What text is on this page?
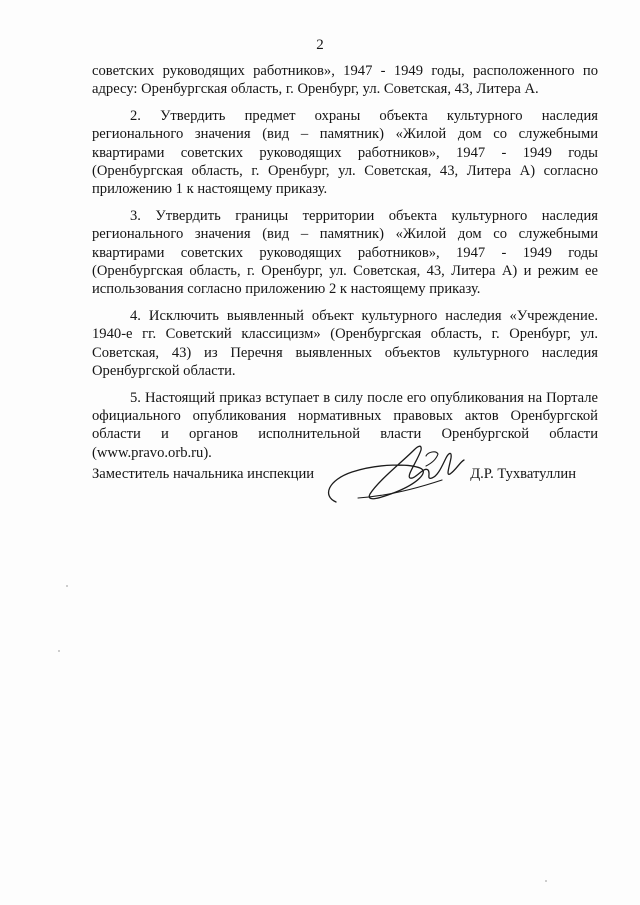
2

советских руководящих работников», 1947 - 1949 годы, расположенного по адресу: Оренбургская область, г. Оренбург, ул. Советская, 43, Литера А.

2. Утвердить предмет охраны объекта культурного наследия регионального значения (вид – памятник) «Жилой дом со служебными квартирами советских руководящих работников», 1947 - 1949 годы (Оренбургская область, г. Оренбург, ул. Советская, 43, Литера А) согласно приложению 1 к настоящему приказу.

3. Утвердить границы территории объекта культурного наследия регионального значения (вид – памятник) «Жилой дом со служебными квартирами советских руководящих работников», 1947 - 1949 годы (Оренбургская область, г. Оренбург, ул. Советская, 43, Литера А) и режим ее использования согласно приложению 2 к настоящему приказу.

4. Исключить выявленный объект культурного наследия «Учреждение. 1940-е гг. Советский классицизм» (Оренбургская область, г. Оренбург, ул. Советская, 43) из Перечня выявленных объектов культурного наследия Оренбургской области.

5. Настоящий приказ вступает в силу после его опубликования на Портале официального опубликования нормативных правовых актов Оренбургской области и органов исполнительной власти Оренбургской области (www.pravo.orb.ru).

Заместитель начальника инспекции	Д.Р. Тухватуллин
